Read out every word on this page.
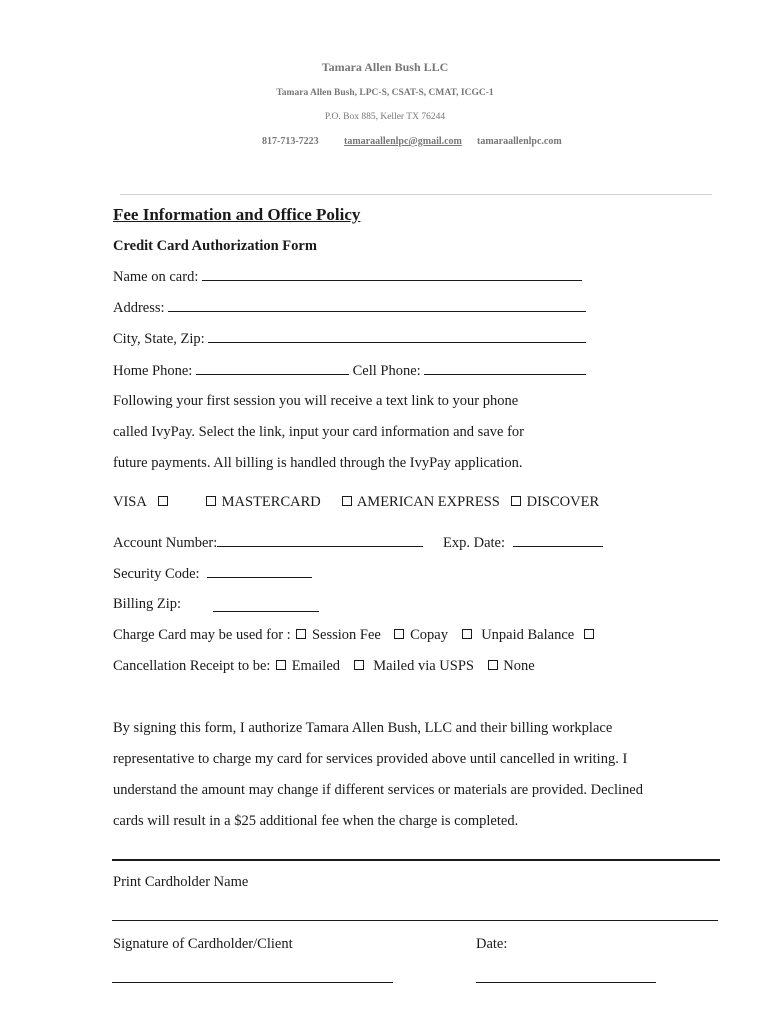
Tamara Allen Bush LLC
Tamara Allen Bush, LPC-S, CSAT-S, CMAT, ICGC-1
P.O. Box 885, Keller TX 76244
817-713-7223	tamaraallenlpc@gmail.com tamaraallenlpc.com
Fee Information and Office Policy
Credit Card Authorization Form
Name on card:
Address:
City, State, Zip:
Home Phone:	Cell Phone:
Following your first session you will receive a text link to your phone
called IvyPay. Select the link, input your card information and save for
future payments. All billing is handled through the IvyPay application.
VISA	MASTERCARD	AMERICAN EXPRESS	DISCOVER
Account Number:	Exp. Date:
Security Code:
Billing Zip:
Charge Card may be used for : Session Fee Copay Unpaid Balance
Cancellation Receipt to be: Emailed Mailed via USPS None
By signing this form, I authorize Tamara Allen Bush, LLC and their billing workplace
representative to charge my card for services provided above until cancelled in writing. I
understand the amount may change if different services or materials are provided. Declined
cards will result in a $25 additional fee when the charge is completed.
Print Cardholder Name
Signature of Cardholder/Client	Date:
